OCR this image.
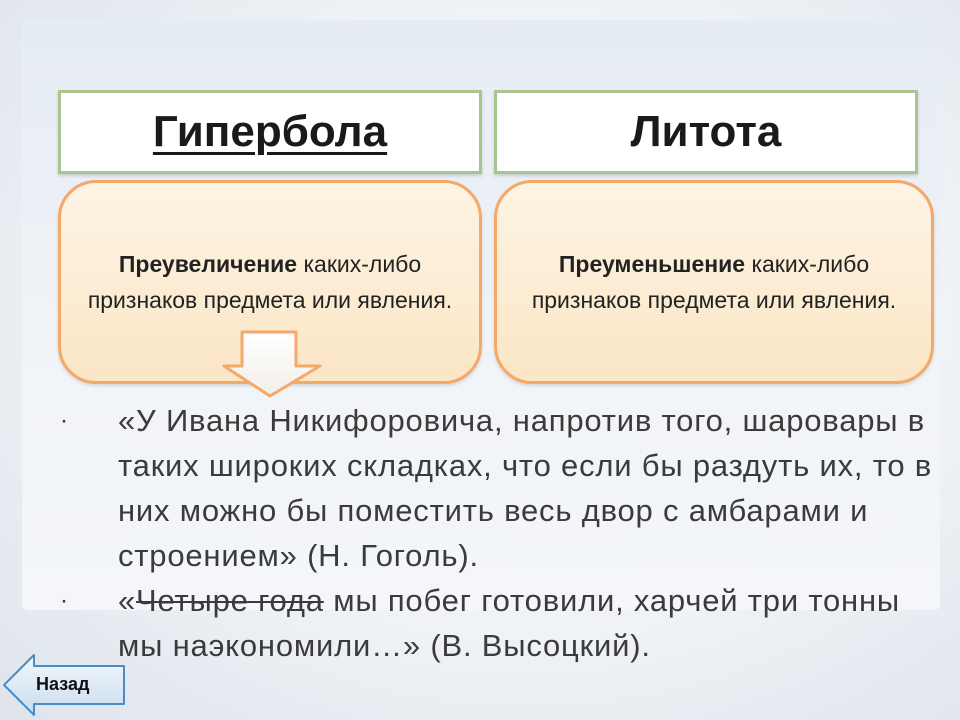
Гипербола	Литота
Преувеличение каких-либо признаков предмета или явления.
Преуменьшение каких-либо признаков предмета или явления.
· «У Ивана Никифоровича, напротив того, шаровары в таких широких складках, что если бы раздуть их, то в них можно бы поместить весь двор с амбарами и строением» (Н. Гоголь).
· «Четыре года мы побег готовили, харчей три тонны мы наэкономили…» (В. Высоцкий).
Назад
